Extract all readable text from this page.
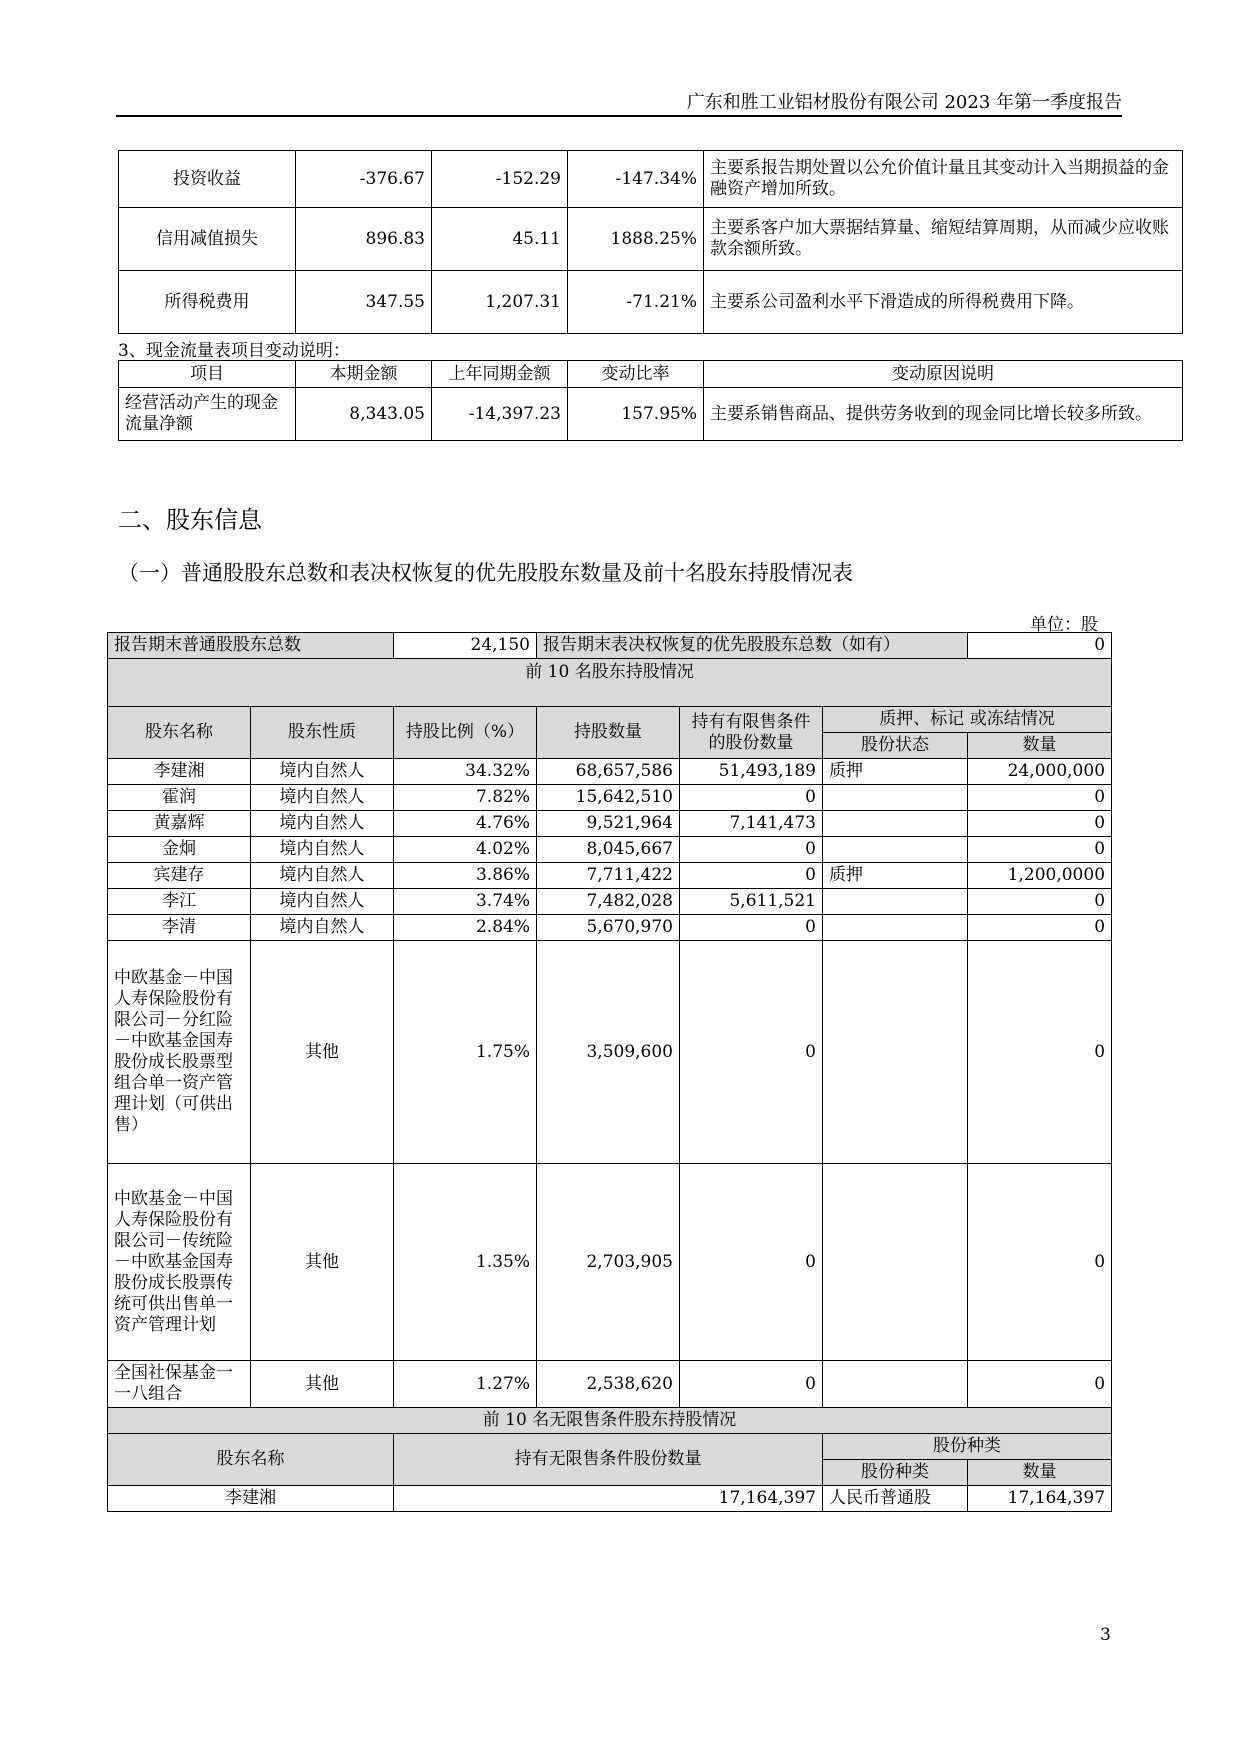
广东和胜工业铝材股份有限公司 2023 年第一季度报告
投资收益	-376.67	-152.29	-147.34%	主要系报告期处置以公允价值计量且其变动计入当期损益的金融资产增加所致。
信用减值损失	896.83	45.11	1888.25%	主要系客户加大票据结算量、缩短结算周期，从而减少应收账款余额所致。
所得税费用	347.55	1,207.31	-71.21%	主要系公司盈利水平下滑造成的所得税费用下降。
3、现金流量表项目变动说明：
项目	本期金额	上年同期金额	变动比率	变动原因说明
经营活动产生的现金流量净额	8,343.05	-14,397.23	157.95%	主要系销售商品、提供劳务收到的现金同比增长较多所致。
二、股东信息
（一）普通股股东总数和表决权恢复的优先股股东数量及前十名股东持股情况表
单位：股
报告期末普通股股东总数		24,150	报告期末表决权恢复的优先股股东总数（如有）			0
前 10 名股东持股情况						
股东名称	股东性质	持股比例（%）	持股数量	持有有限售条件的股份数量	质押、标记 或冻结情况	
					股份状态	数量
李建湘	境内自然人	34.32%	68,657,586	51,493,189	质押	24,000,000
霍润	境内自然人	7.82%	15,642,510	0		0
黄嘉辉	境内自然人	4.76%	9,521,964	7,141,473		0
金炯	境内自然人	4.02%	8,045,667	0		0
宾建存	境内自然人	3.86%	7,711,422	0	质押	1,200,0000
李江	境内自然人	3.74%	7,482,028	5,611,521		0
李清	境内自然人	2.84%	5,670,970	0		0
中欧基金－中国人寿保险股份有限公司－分红险－中欧基金国寿股份成长股票型组合单一资产管理计划（可供出售）	其他	1.75%	3,509,600	0		0
中欧基金－中国人寿保险股份有限公司－传统险－中欧基金国寿股份成长股票传统可供出售单一资产管理计划	其他	1.35%	2,703,905	0		0
全国社保基金一一八组合	其他	1.27%	2,538,620	0		0
前 10 名无限售条件股东持股情况						
股东名称		持有无限售条件股份数量			股份种类	
					股份种类	数量
李建湘		17,164,397			人民币普通股	17,164,397
3
